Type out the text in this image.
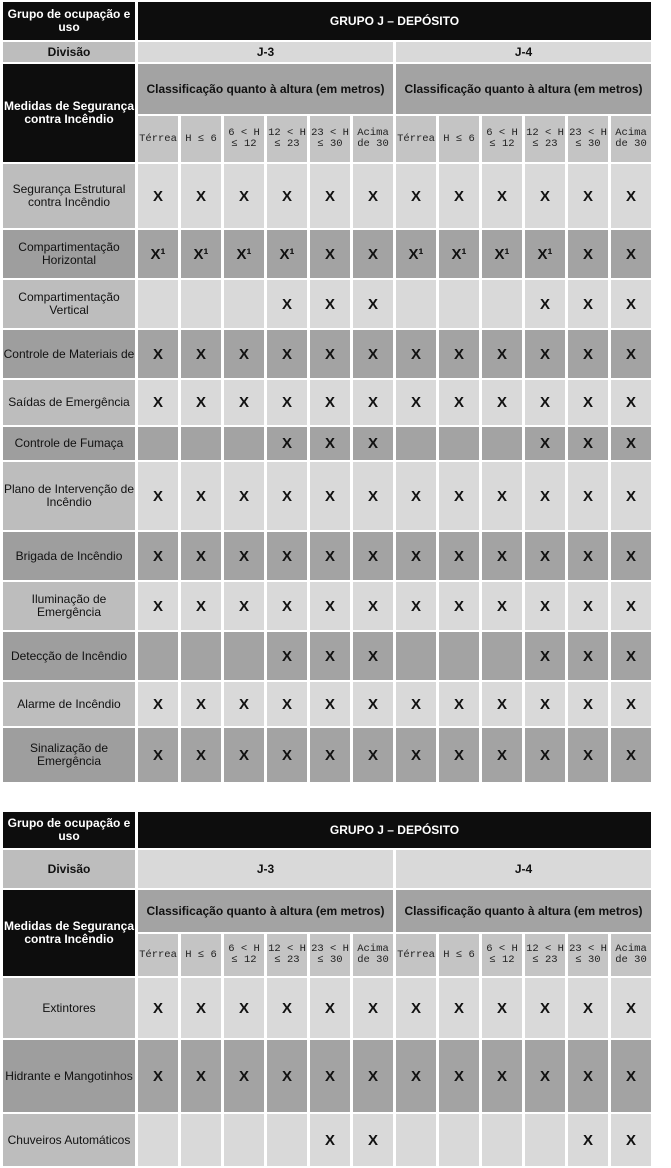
Grupo de ocupação e uso	GRUPO J – DEPÓSITO											
Divisão	J-3						J-4					
Medidas de Segurança contra Incêndio	Classificação quanto à altura (em metros)						Classificação quanto à altura (em metros)					
	Térrea	H ≤ 6	6 < H ≤ 12	12 < H ≤ 23	23 < H ≤ 30	Acima de 30	Térrea	H ≤ 6	6 < H ≤ 12	12 < H ≤ 23	23 < H ≤ 30	Acima de 30
Segurança Estrutural contra Incêndio	X	X	X	X	X	X	X	X	X	X	X	X
Compartimentação Horizontal	X¹	X¹	X¹	X¹	X	X	X¹	X¹	X¹	X¹	X	X
Compartimentação Vertical				X	X	X				X	X	X
Controle de Materiais de	X	X	X	X	X	X	X	X	X	X	X	X
Saídas de Emergência	X	X	X	X	X	X	X	X	X	X	X	X
Controle de Fumaça				X	X	X				X	X	X
Plano de Intervenção de Incêndio	X	X	X	X	X	X	X	X	X	X	X	X
Brigada de Incêndio	X	X	X	X	X	X	X	X	X	X	X	X
Iluminação de Emergência	X	X	X	X	X	X	X	X	X	X	X	X
Detecção de Incêndio				X	X	X				X	X	X
Alarme de Incêndio	X	X	X	X	X	X	X	X	X	X	X	X
Sinalização de Emergência	X	X	X	X	X	X	X	X	X	X	X	X
Grupo de ocupação e uso	GRUPO J – DEPÓSITO											
Divisão	J-3						J-4					
Medidas de Segurança contra Incêndio	Classificação quanto à altura (em metros)						Classificação quanto à altura (em metros)					
	Térrea	H ≤ 6	6 < H ≤ 12	12 < H ≤ 23	23 < H ≤ 30	Acima de 30	Térrea	H ≤ 6	6 < H ≤ 12	12 < H ≤ 23	23 < H ≤ 30	Acima de 30
Extintores	X	X	X	X	X	X	X	X	X	X	X	X
Hidrante e Mangotinhos	X	X	X	X	X	X	X	X	X	X	X	X
Chuveiros Automáticos					X	X					X	X
